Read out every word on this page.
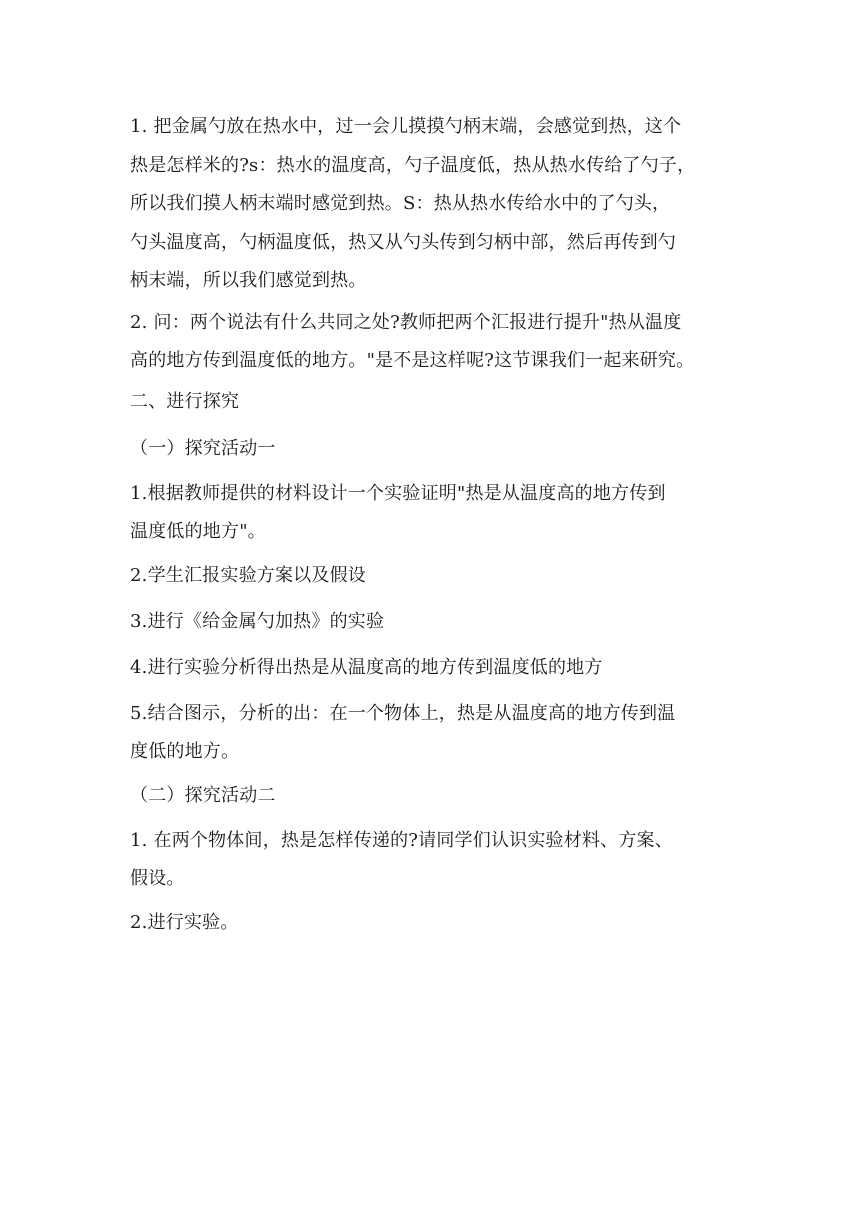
1. 把金属勺放在热水中，过一会儿摸摸勺柄末端，会感觉到热，这个
热是怎样米的?s：热水的温度高，勺子温度低，热从热水传给了勺子，
所以我们摸人柄末端时感觉到热。S：热从热水传给水中的了勺头，
勺头温度高，勺柄温度低，热又从勺头传到匀柄中部，然后再传到勺
柄末端，所以我们感觉到热。
2. 问：两个说法有什么共同之处?教师把两个汇报进行提升"热从温度
高的地方传到温度低的地方。"是不是这样呢?这节课我们一起来研究。
二、进行探究
（一）探究活动一
1.根据教师提供的材料设计一个实验证明"热是从温度高的地方传到
温度低的地方"。
2.学生汇报实验方案以及假设
3.进行《给金属勺加热》的实验
4.进行实验分析得出热是从温度高的地方传到温度低的地方
5.结合图示，分析的出：在一个物体上，热是从温度高的地方传到温
度低的地方。
（二）探究活动二
1. 在两个物体间，热是怎样传递的?请同学们认识实验材料、方案、
假设。
2.进行实验。
